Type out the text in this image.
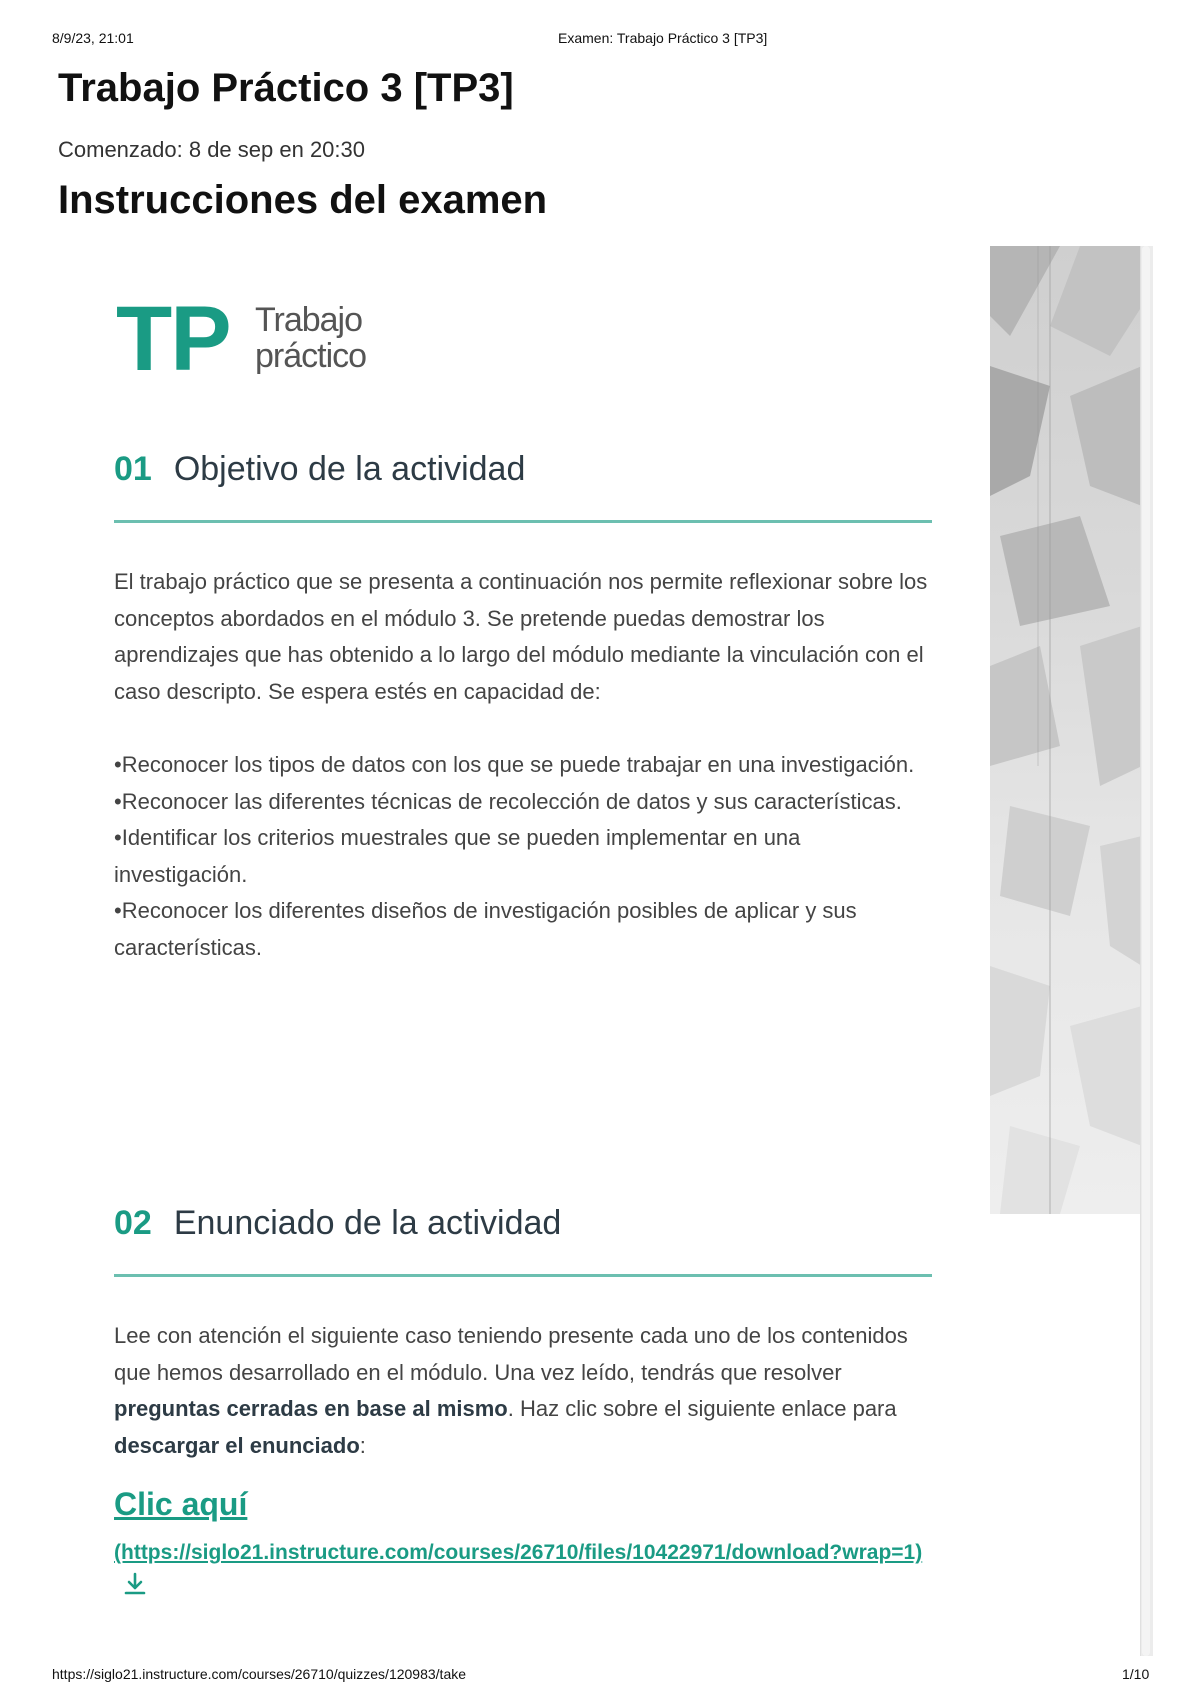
8/9/23, 21:01	Examen: Trabajo Práctico 3 [TP3]
Trabajo Práctico 3 [TP3]
Comenzado: 8 de sep en 20:30
Instrucciones del examen
TP Trabajo
práctico
01 Objetivo de la actividad

El trabajo práctico que se presenta a continuación nos permite reflexionar sobre los conceptos abordados en el módulo 3. Se pretende puedas demostrar los aprendizajes que has obtenido a lo largo del módulo mediante la vinculación con el caso descripto. Se espera estés en capacidad de:

•Reconocer los tipos de datos con los que se puede trabajar en una investigación.

•Reconocer las diferentes técnicas de recolección de datos y sus características.

•Identificar los criterios muestrales que se pueden implementar en una investigación.

•Reconocer los diferentes diseños de investigación posibles de aplicar y sus características.

02 Enunciado de la actividad

Lee con atención el siguiente caso teniendo presente cada uno de los contenidos que hemos desarrollado en el módulo. Una vez leído, tendrás que resolver preguntas cerradas en base al mismo. Haz clic sobre el siguiente enlace para descargar el enunciado:

Clic aquí
(https://siglo21.instructure.com/courses/26710/files/10422971/download?wrap=1)
https://siglo21.instructure.com/courses/26710/quizzes/120983/take	1/10
